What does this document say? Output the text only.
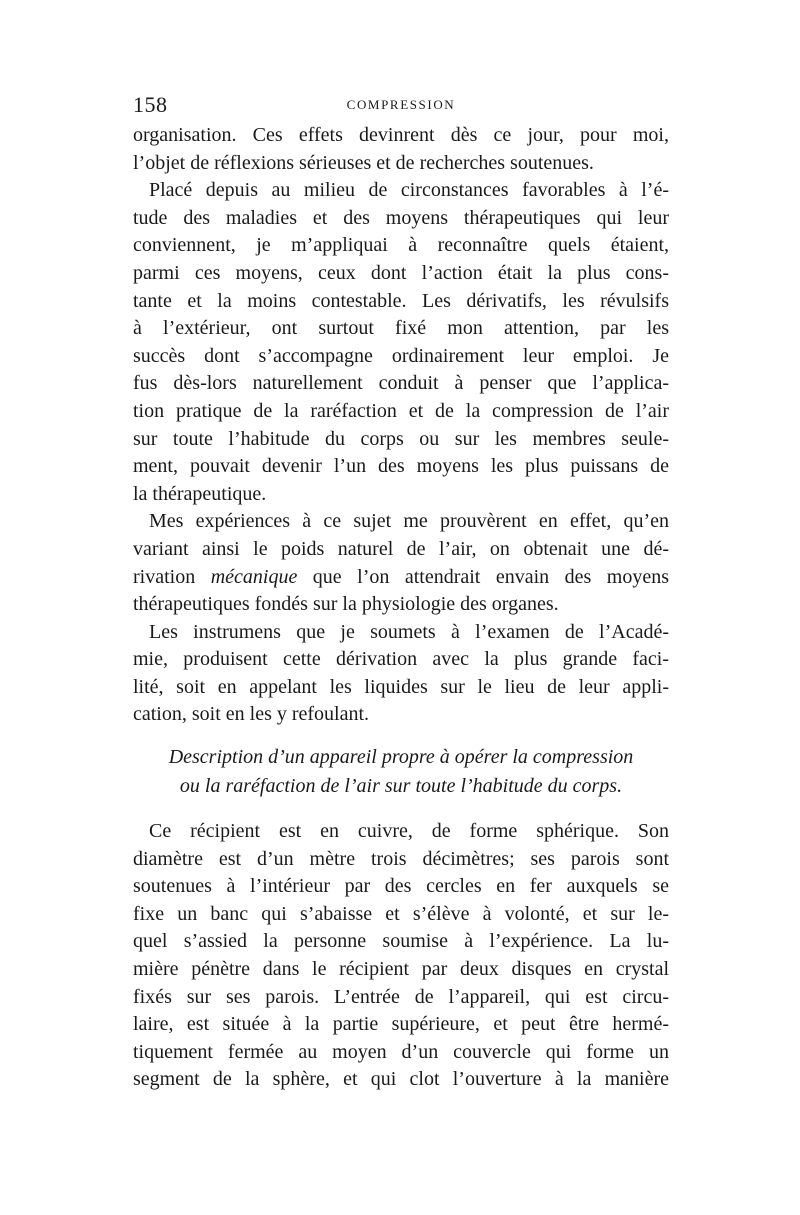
158	COMPRESSION
organisation. Ces effets devinrent dès ce jour, pour moi,
l’objet de réflexions sérieuses et de recherches soutenues.
Placé depuis au milieu de circonstances favorables à l’é-
tude des maladies et des moyens thérapeutiques qui leur
conviennent, je m’appliquai à reconnaître quels étaient,
parmi ces moyens, ceux dont l’action était la plus cons-
tante et la moins contestable. Les dérivatifs, les révulsifs
à l’extérieur, ont surtout fixé mon attention, par les
succès dont s’accompagne ordinairement leur emploi. Je
fus dès-lors naturellement conduit à penser que l’applica-
tion pratique de la raréfaction et de la compression de l’air
sur toute l’habitude du corps ou sur les membres seule-
ment, pouvait devenir l’un des moyens les plus puissans de
la thérapeutique.
Mes expériences à ce sujet me prouvèrent en effet, qu’en
variant ainsi le poids naturel de l’air, on obtenait une dé-
rivation mécanique que l’on attendrait envain des moyens
thérapeutiques fondés sur la physiologie des organes.
Les instrumens que je soumets à l’examen de l’Acadé-
mie, produisent cette dérivation avec la plus grande faci-
lité, soit en appelant les liquides sur le lieu de leur appli-
cation, soit en les y refoulant.
Description d’un appareil propre à opérer la compression
ou la raréfaction de l’air sur toute l’habitude du corps.
Ce récipient est en cuivre, de forme sphérique. Son
diamètre est d’un mètre trois décimètres; ses parois sont
soutenues à l’intérieur par des cercles en fer auxquels se
fixe un banc qui s’abaisse et s’élève à volonté, et sur le-
quel s’assied la personne soumise à l’expérience. La lu-
mière pénètre dans le récipient par deux disques en crystal
fixés sur ses parois. L’entrée de l’appareil, qui est circu-
laire, est située à la partie supérieure, et peut être hermé-
tiquement fermée au moyen d’un couvercle qui forme un
segment de la sphère, et qui clot l’ouverture à la manière
